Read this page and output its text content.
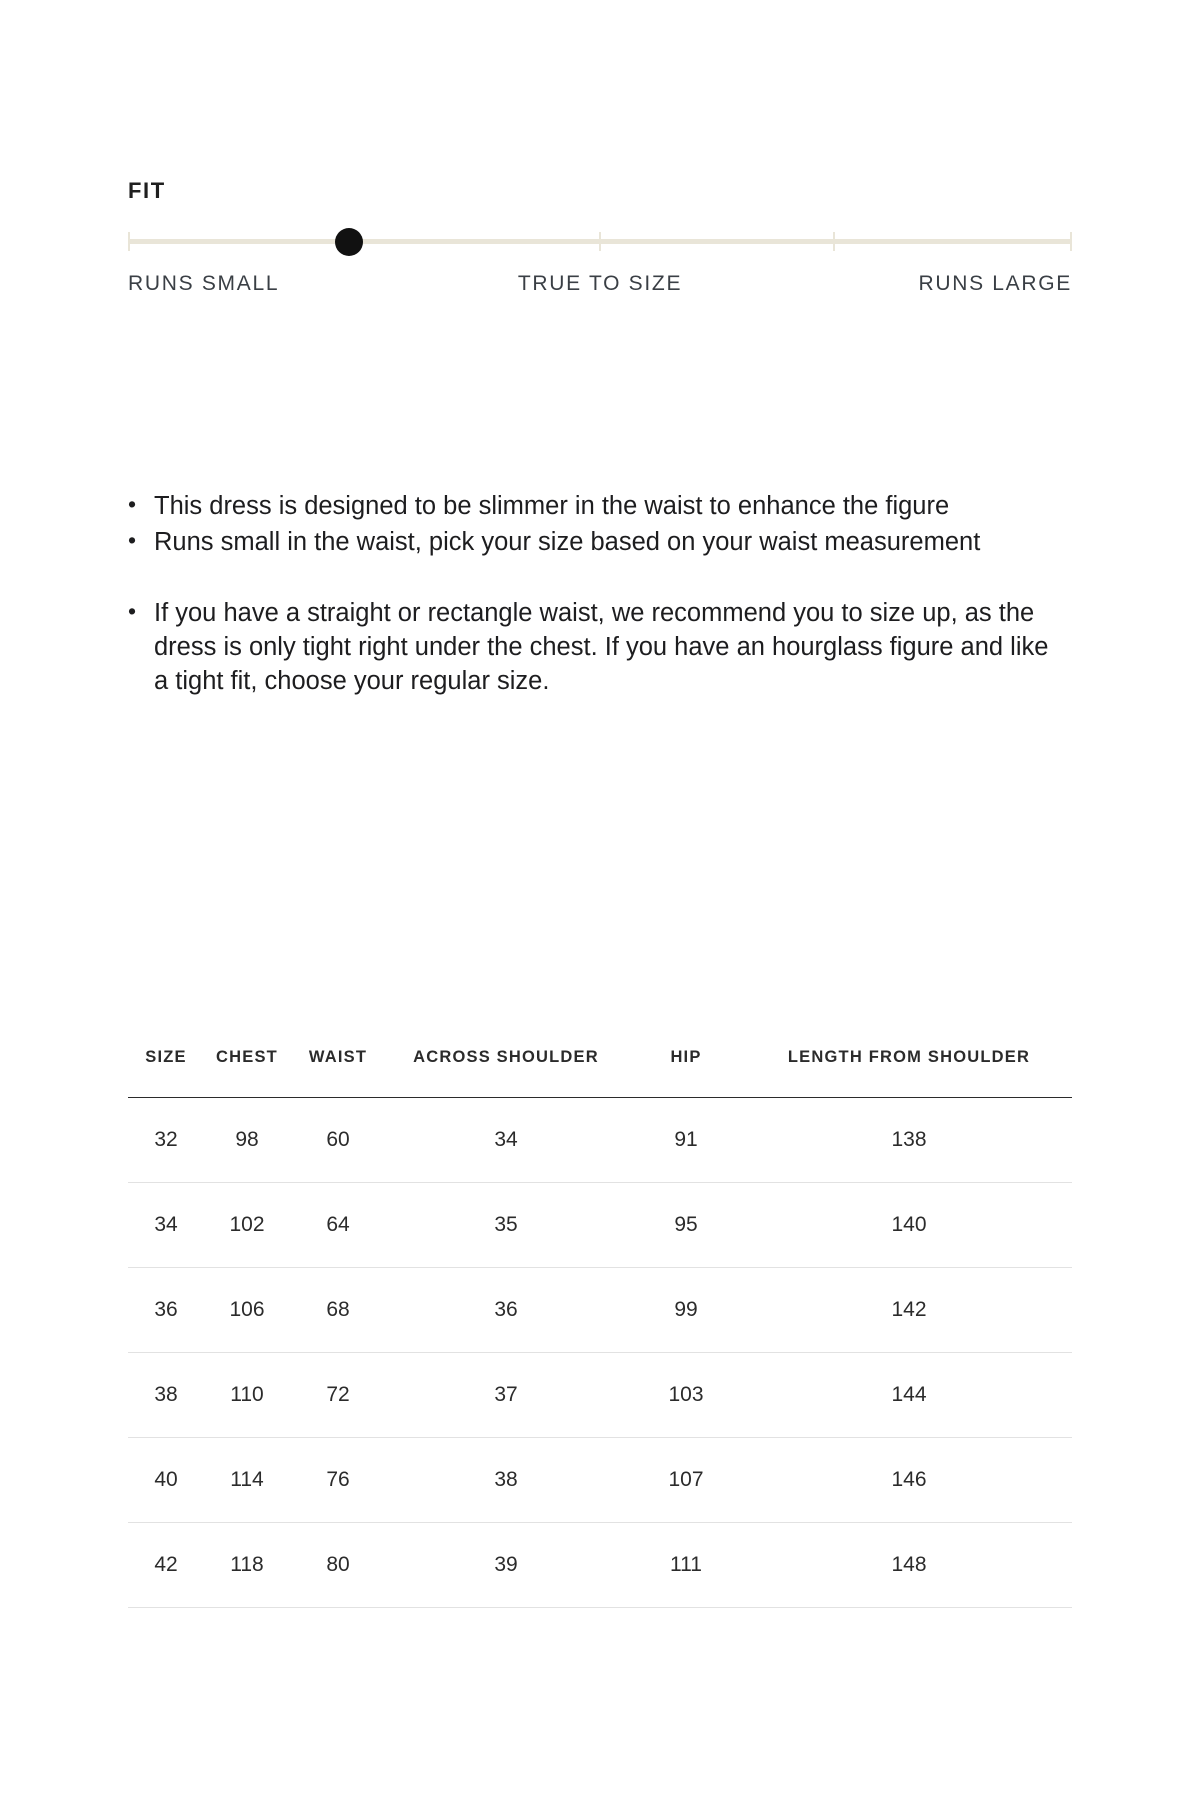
FIT
RUNS SMALL	TRUE TO SIZE	RUNS LARGE
• This dress is designed to be slimmer in the waist to enhance the figure
• Runs small in the waist, pick your size based on your waist measurement
• If you have a straight or rectangle waist, we recommend you to size up, as the dress is only tight right under the chest. If you have an hourglass figure and like a tight fit, choose your regular size.
SIZE	CHEST	WAIST	ACROSS SHOULDER	HIP	LENGTH FROM SHOULDER
32	98	60	34	91	138
34	102	64	35	95	140
36	106	68	36	99	142
38	110	72	37	103	144
40	114	76	38	107	146
42	118	80	39	111	148
